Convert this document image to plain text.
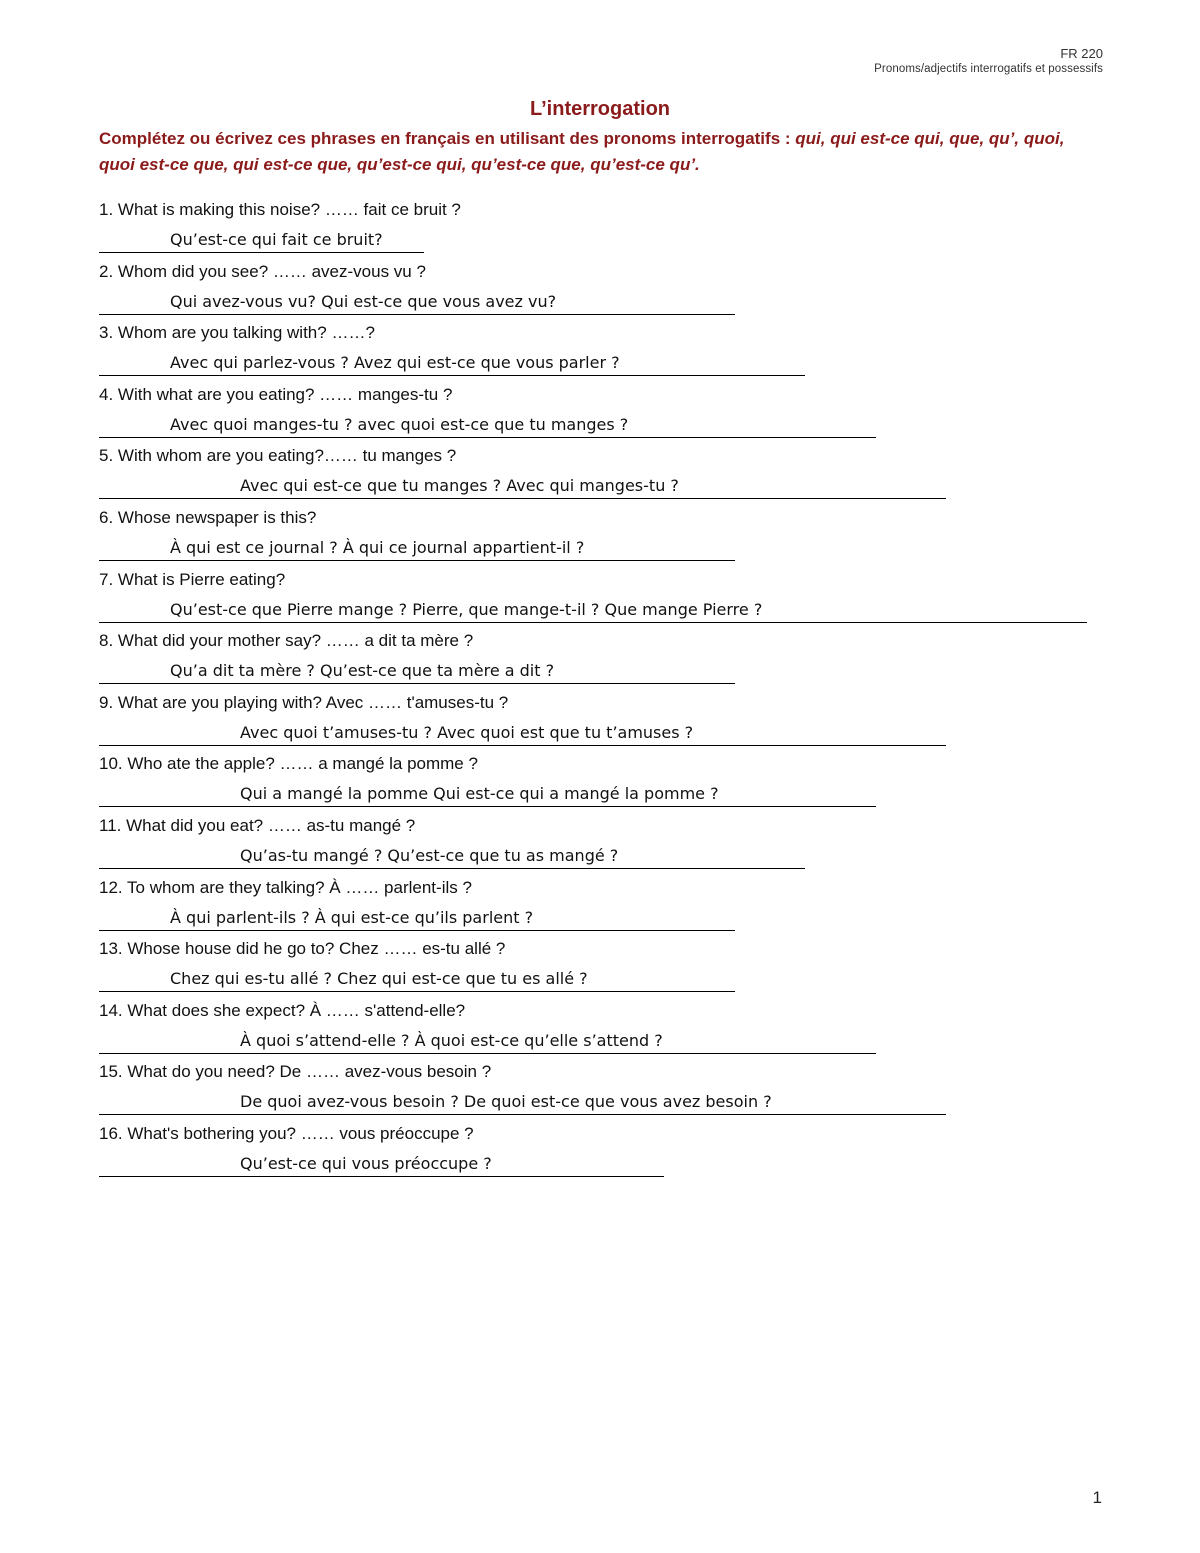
FR 220
Pronoms/adjectifs interrogatifs et possessifs
L’interrogation
Complétez ou écrivez ces phrases en français en utilisant des pronoms interrogatifs : qui, qui est-ce qui, que, qu’, quoi, quoi est-ce que, qui est-ce que, qu’est-ce qui, qu’est-ce que, qu’est-ce qu’.
1. What is making this noise? …… fait ce bruit ?
Qu’est-ce qui fait ce bruit?
2. Whom did you see? …… avez-vous vu ?
Qui avez-vous vu? Qui est-ce que vous avez vu?
3. Whom are you talking with? ……?
Avec qui parlez-vous ? Avez qui est-ce que vous parler ?
4. With what are you eating? …… manges-tu ?
Avec quoi manges-tu ? avec quoi est-ce que tu manges ?
5. With whom are you eating?…… tu manges ?
Avec qui est-ce que tu manges ? Avec qui manges-tu ?
6. Whose newspaper is this?
À qui est ce journal ? À qui ce journal appartient-il ?
7. What is Pierre eating?
Qu’est-ce que Pierre mange ? Pierre, que mange-t-il ? Que mange Pierre ?
8. What did your mother say? …… a dit ta mère ?
Qu’a dit ta mère ? Qu’est-ce que ta mère a dit ?
9. What are you playing with? Avec …… t'amuses-tu ?
Avec quoi t’amuses-tu ? Avec quoi est que tu t’amuses ?
10. Who ate the apple? …… a mangé la pomme ?
Qui a mangé la pomme Qui est-ce qui a mangé la pomme ?
11. What did you eat? …… as-tu mangé ?
Qu’as-tu mangé ? Qu’est-ce que tu as mangé ?
12. To whom are they talking? À …… parlent-ils ?
À qui parlent-ils ? À qui est-ce qu’ils parlent ?
13. Whose house did he go to? Chez …… es-tu allé ?
Chez qui es-tu allé ? Chez qui est-ce que tu es allé ?
14. What does she expect? À …… s'attend-elle?
À quoi s’attend-elle ? À quoi est-ce qu’elle s’attend ?
15. What do you need? De …… avez-vous besoin ?
De quoi avez-vous besoin ? De quoi est-ce que vous avez besoin ?
16. What's bothering you? …… vous préoccupe ?
Qu’est-ce qui vous préoccupe ?
1
